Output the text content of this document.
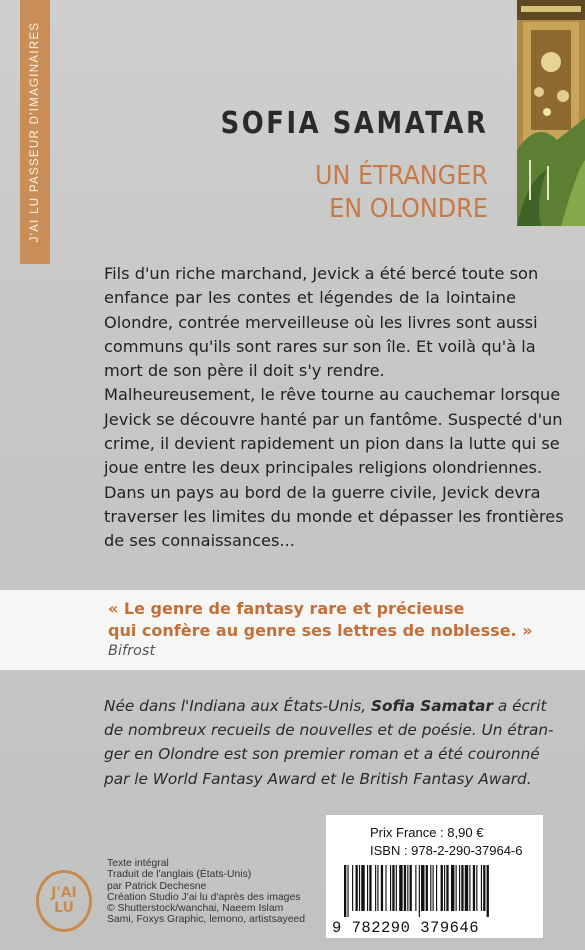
J'AI LU PASSEUR D'IMAGINAIRES	SOFIA SAMATAR
UN ÉTRANGER
EN OLONDRE
Fils d'un riche marchand, Jevick a été bercé toute son
enfance par les contes et légendes de la lointaine
Olondre, contrée merveilleuse où les livres sont aussi
communs qu'ils sont rares sur son île. Et voilà qu'à la
mort de son père il doit s'y rendre.
Malheureusement, le rêve tourne au cauchemar lorsque
Jevick se découvre hanté par un fantôme. Suspecté d'un
crime, il devient rapidement un pion dans la lutte qui se
joue entre les deux principales religions olondriennes.
Dans un pays au bord de la guerre civile, Jevick devra
traverser les limites du monde et dépasser les frontières
de ses connaissances...
« Le genre de fantasy rare et précieuse
qui confère au genre ses lettres de noblesse. »
Bifrost
Née dans l'Indiana aux États-Unis, Sofia Samatar a écrit
de nombreux recueils de nouvelles et de poésie. Un étran-
ger en Olondre est son premier roman et a été couronné
par le World Fantasy Award et le British Fantasy Award.
Prix France : 8,90 €
ISBN : 978-2-290-37964-6
9 782290 379646
J'AI
LU
Texte intégral
Traduit de l'anglais (États-Unis)
par Patrick Dechesne
Création Studio J'ai lu d'après des images
© Shutterstock/wanchai, Naeem Islam
Sami, Foxys Graphic, lemono, artistsayeed
